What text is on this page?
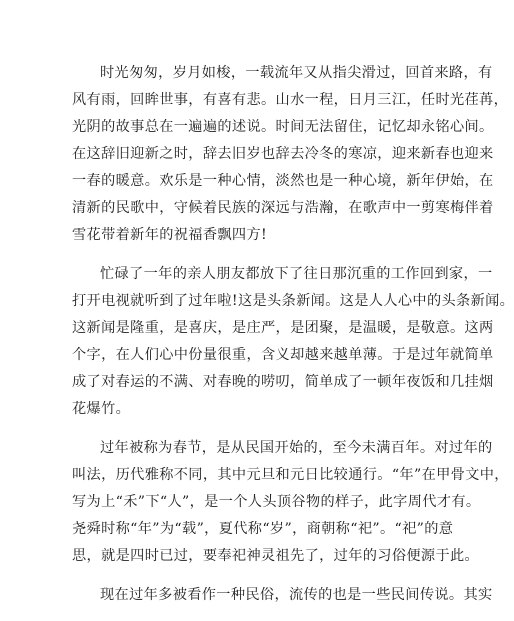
时光匆匆，岁月如梭，一载流年又从指尖滑过，回首来路，有
风有雨，回眸世事，有喜有悲。山水一程，日月三江，任时光荏苒，
光阴的故事总在一遍遍的述说。时间无法留住，记忆却永铭心间。
在这辞旧迎新之时，辞去旧岁也辞去冷冬的寒凉，迎来新春也迎来
一春的暖意。欢乐是一种心情，淡然也是一种心境，新年伊始，在
清新的民歌中，守候着民族的深远与浩瀚，在歌声中一剪寒梅伴着
雪花带着新年的祝福香飘四方!
忙碌了一年的亲人朋友都放下了往日那沉重的工作回到家，一
打开电视就听到了过年啦!这是头条新闻。这是人人心中的头条新闻。
这新闻是隆重，是喜庆，是庄严，是团聚，是温暖，是敬意。这两
个字，在人们心中份量很重，含义却越来越单薄。于是过年就简单
成了对春运的不满、对春晚的唠叨，简单成了一顿年夜饭和几挂烟
花爆竹。
过年被称为春节，是从民国开始的，至今未满百年。对过年的
叫法，历代雅称不同，其中元旦和元日比较通行。“年”在甲骨文中，
写为上“禾”下“人”，是一个人头顶谷物的样子，此字周代才有。
尧舜时称“年”为“载”，夏代称“岁”，商朝称“祀”。“祀”的意
思，就是四时已过，要奉祀神灵祖先了，过年的习俗便源于此。
现在过年多被看作一种民俗，流传的也是一些民间传说。其实
